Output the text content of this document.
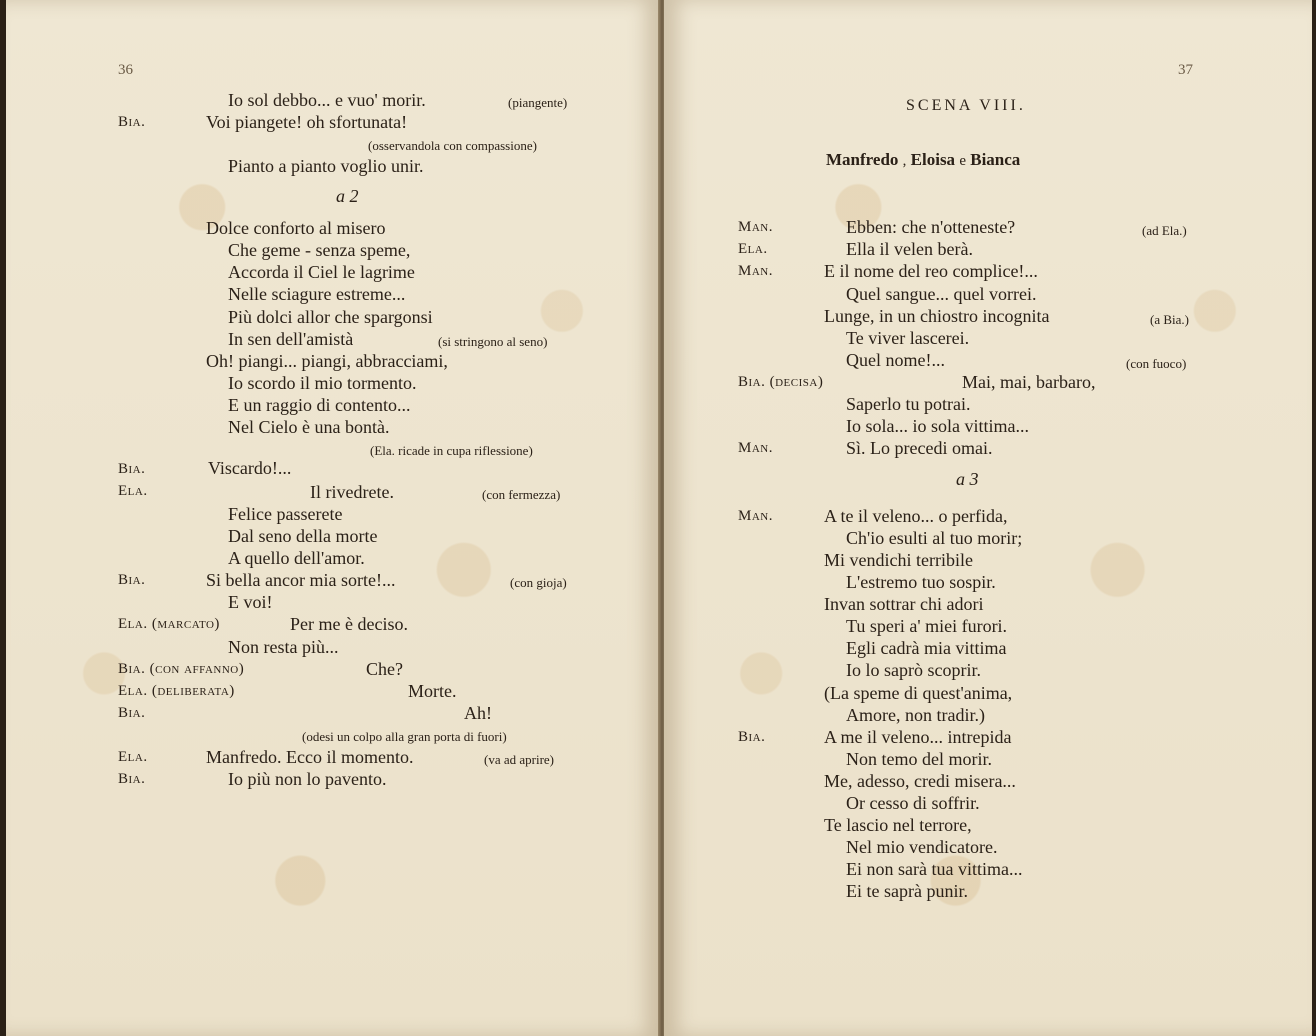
36
Io sol debbo... e vuo' morir.	(piangente)
Bia.	Voi piangete! oh sfortunata!
(osservandola con compassione)
Pianto a pianto voglio unir.
a 2
Dolce conforto al misero
Che geme - senza speme,
Accorda il Ciel le lagrime
Nelle sciagure estreme...
Più dolci allor che spargonsi
In sen dell'amistà	(si stringono al seno)
Oh! piangi... piangi, abbracciami,
Io scordo il mio tormento.
E un raggio di contento...
Nel Cielo è una bontà.
(Ela. ricade in cupa riflessione)
Bia.	Viscardo!...
Ela.	Il rivedrete.	(con fermezza)
Felice passerete
Dal seno della morte
A quello dell'amor.
Bia.	Si bella ancor mia sorte!...	(con gioja)
E voi!
Ela. (marcato)	Per me è deciso.
Non resta più...
Bia. (con affanno)	Che?
Ela. (deliberata)	Morte.
Bia.	Ah!
(odesi un colpo alla gran porta di fuori)
Ela.	Manfredo. Ecco il momento.	(va ad aprire)
Bia.	Io più non lo pavento.
37
SCENA VIII.
Manfredo , Eloisa e Bianca
Man.	Ebben: che n'otteneste?	(ad Ela.)
Ela.	Ella il velen berà.
Man.	E il nome del reo complice!...
Quel sangue... quel vorrei.
Lunge, in un chiostro incognita	(a Bia.)
Te viver lascerei.
Quel nome!...	(con fuoco)
Bia. (decisa)	Mai, mai, barbaro,
Saperlo tu potrai.
Io sola... io sola vittima...
Man.	Sì. Lo precedi omai.
a 3
Man.	A te il veleno... o perfida,
Ch'io esulti al tuo morir;
Mi vendichi terribile
L'estremo tuo sospir.
Invan sottrar chi adori
Tu speri a' miei furori.
Egli cadrà mia vittima
Io lo saprò scoprir.
(La speme di quest'anima,
Amore, non tradir.)
Bia.	A me il veleno... intrepida
Non temo del morir.
Me, adesso, credi misera...
Or cesso di soffrir.
Te lascio nel terrore,
Nel mio vendicatore.
Ei non sarà tua vittima...
Ei te saprà punir.
